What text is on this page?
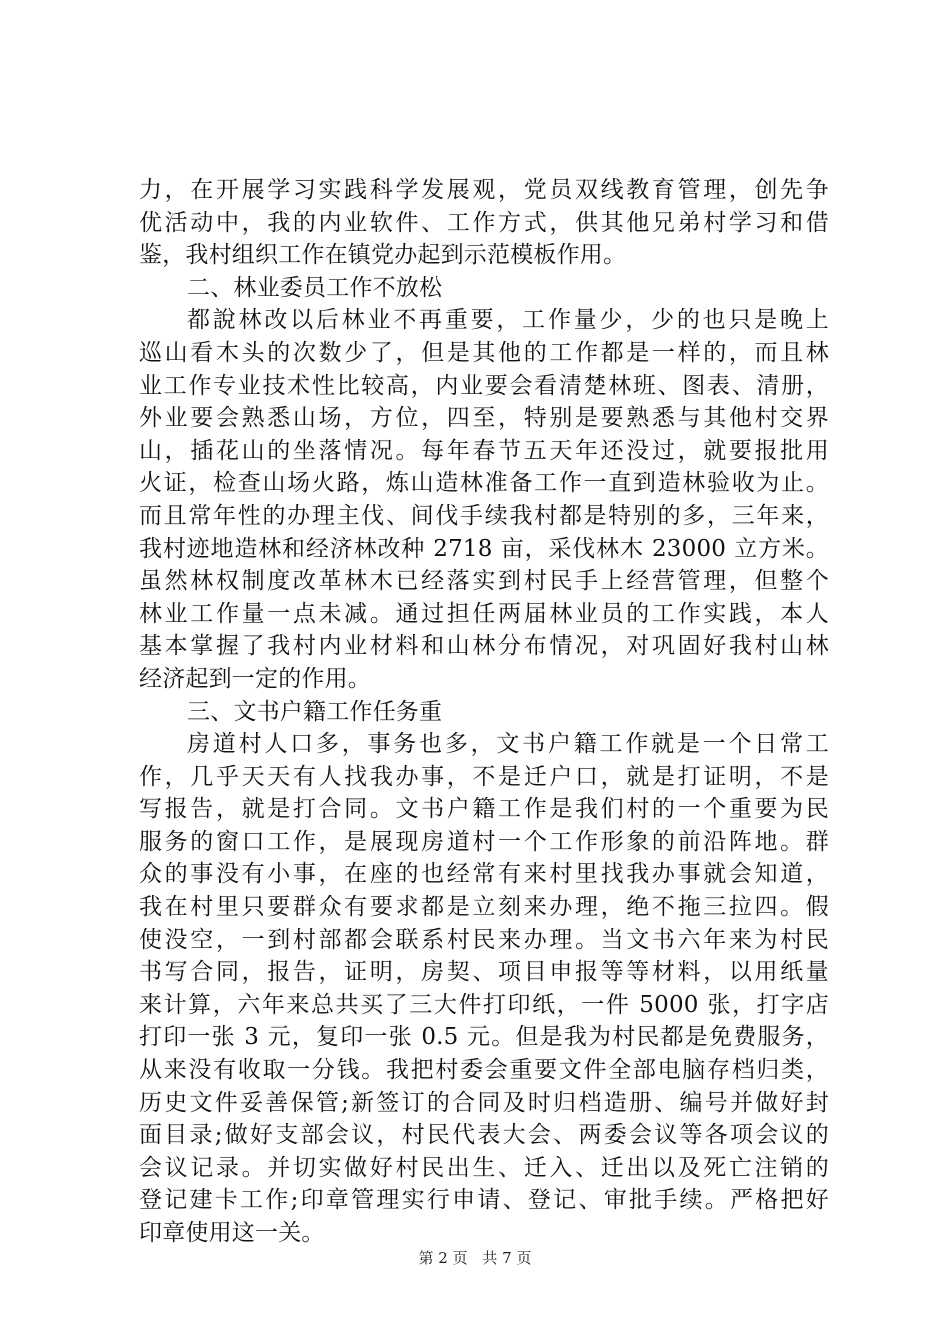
力，在开展学习实践科学发展观，党员双线教育管理，创先争
优活动中，我的内业软件、工作方式，供其他兄弟村学习和借
鉴，我村组织工作在镇党办起到示范模板作用。
二、林业委员工作不放松
都說林改以后林业不再重要，工作量少，少的也只是晚上
巡山看木头的次数少了，但是其他的工作都是一样的，而且林
业工作专业技术性比较高，内业要会看清楚林班、图表、清册，
外业要会熟悉山场，方位，四至，特别是要熟悉与其他村交界
山，插花山的坐落情况。每年春节五天年还没过，就要报批用
火证，检查山场火路，炼山造林准备工作一直到造林验收为止。
而且常年性的办理主伐、间伐手续我村都是特别的多，三年来，
我村迹地造林和经济林改种 2718 亩，采伐林木 23000 立方米。
虽然林权制度改革林木已经落实到村民手上经营管理，但整个
林业工作量一点未减。通过担任两届林业员的工作实践，本人
基本掌握了我村内业材料和山林分布情况，对巩固好我村山林
经济起到一定的作用。
三、文书户籍工作任务重
房道村人口多，事务也多，文书户籍工作就是一个日常工
作，几乎天天有人找我办事，不是迁户口，就是打证明，不是
写报告，就是打合同。文书户籍工作是我们村的一个重要为民
服务的窗口工作，是展现房道村一个工作形象的前沿阵地。群
众的事没有小事，在座的也经常有来村里找我办事就会知道，
我在村里只要群众有要求都是立刻来办理，绝不拖三拉四。假
使没空，一到村部都会联系村民来办理。当文书六年来为村民
书写合同，报告，证明，房契、项目申报等等材料，以用纸量
来计算，六年来总共买了三大件打印纸，一件 5000 张，打字店
打印一张 3 元，复印一张 0.5 元。但是我为村民都是免费服务，
从来没有收取一分钱。我把村委会重要文件全部电脑存档归类，
历史文件妥善保管;新签订的合同及时归档造册、编号并做好封
面目录;做好支部会议，村民代表大会、两委会议等各项会议的
会议记录。并切实做好村民出生、迁入、迁出以及死亡注销的
登记建卡工作;印章管理实行申请、登记、审批手续。严格把好
印章使用这一关。
第 2 页 共 7 页
